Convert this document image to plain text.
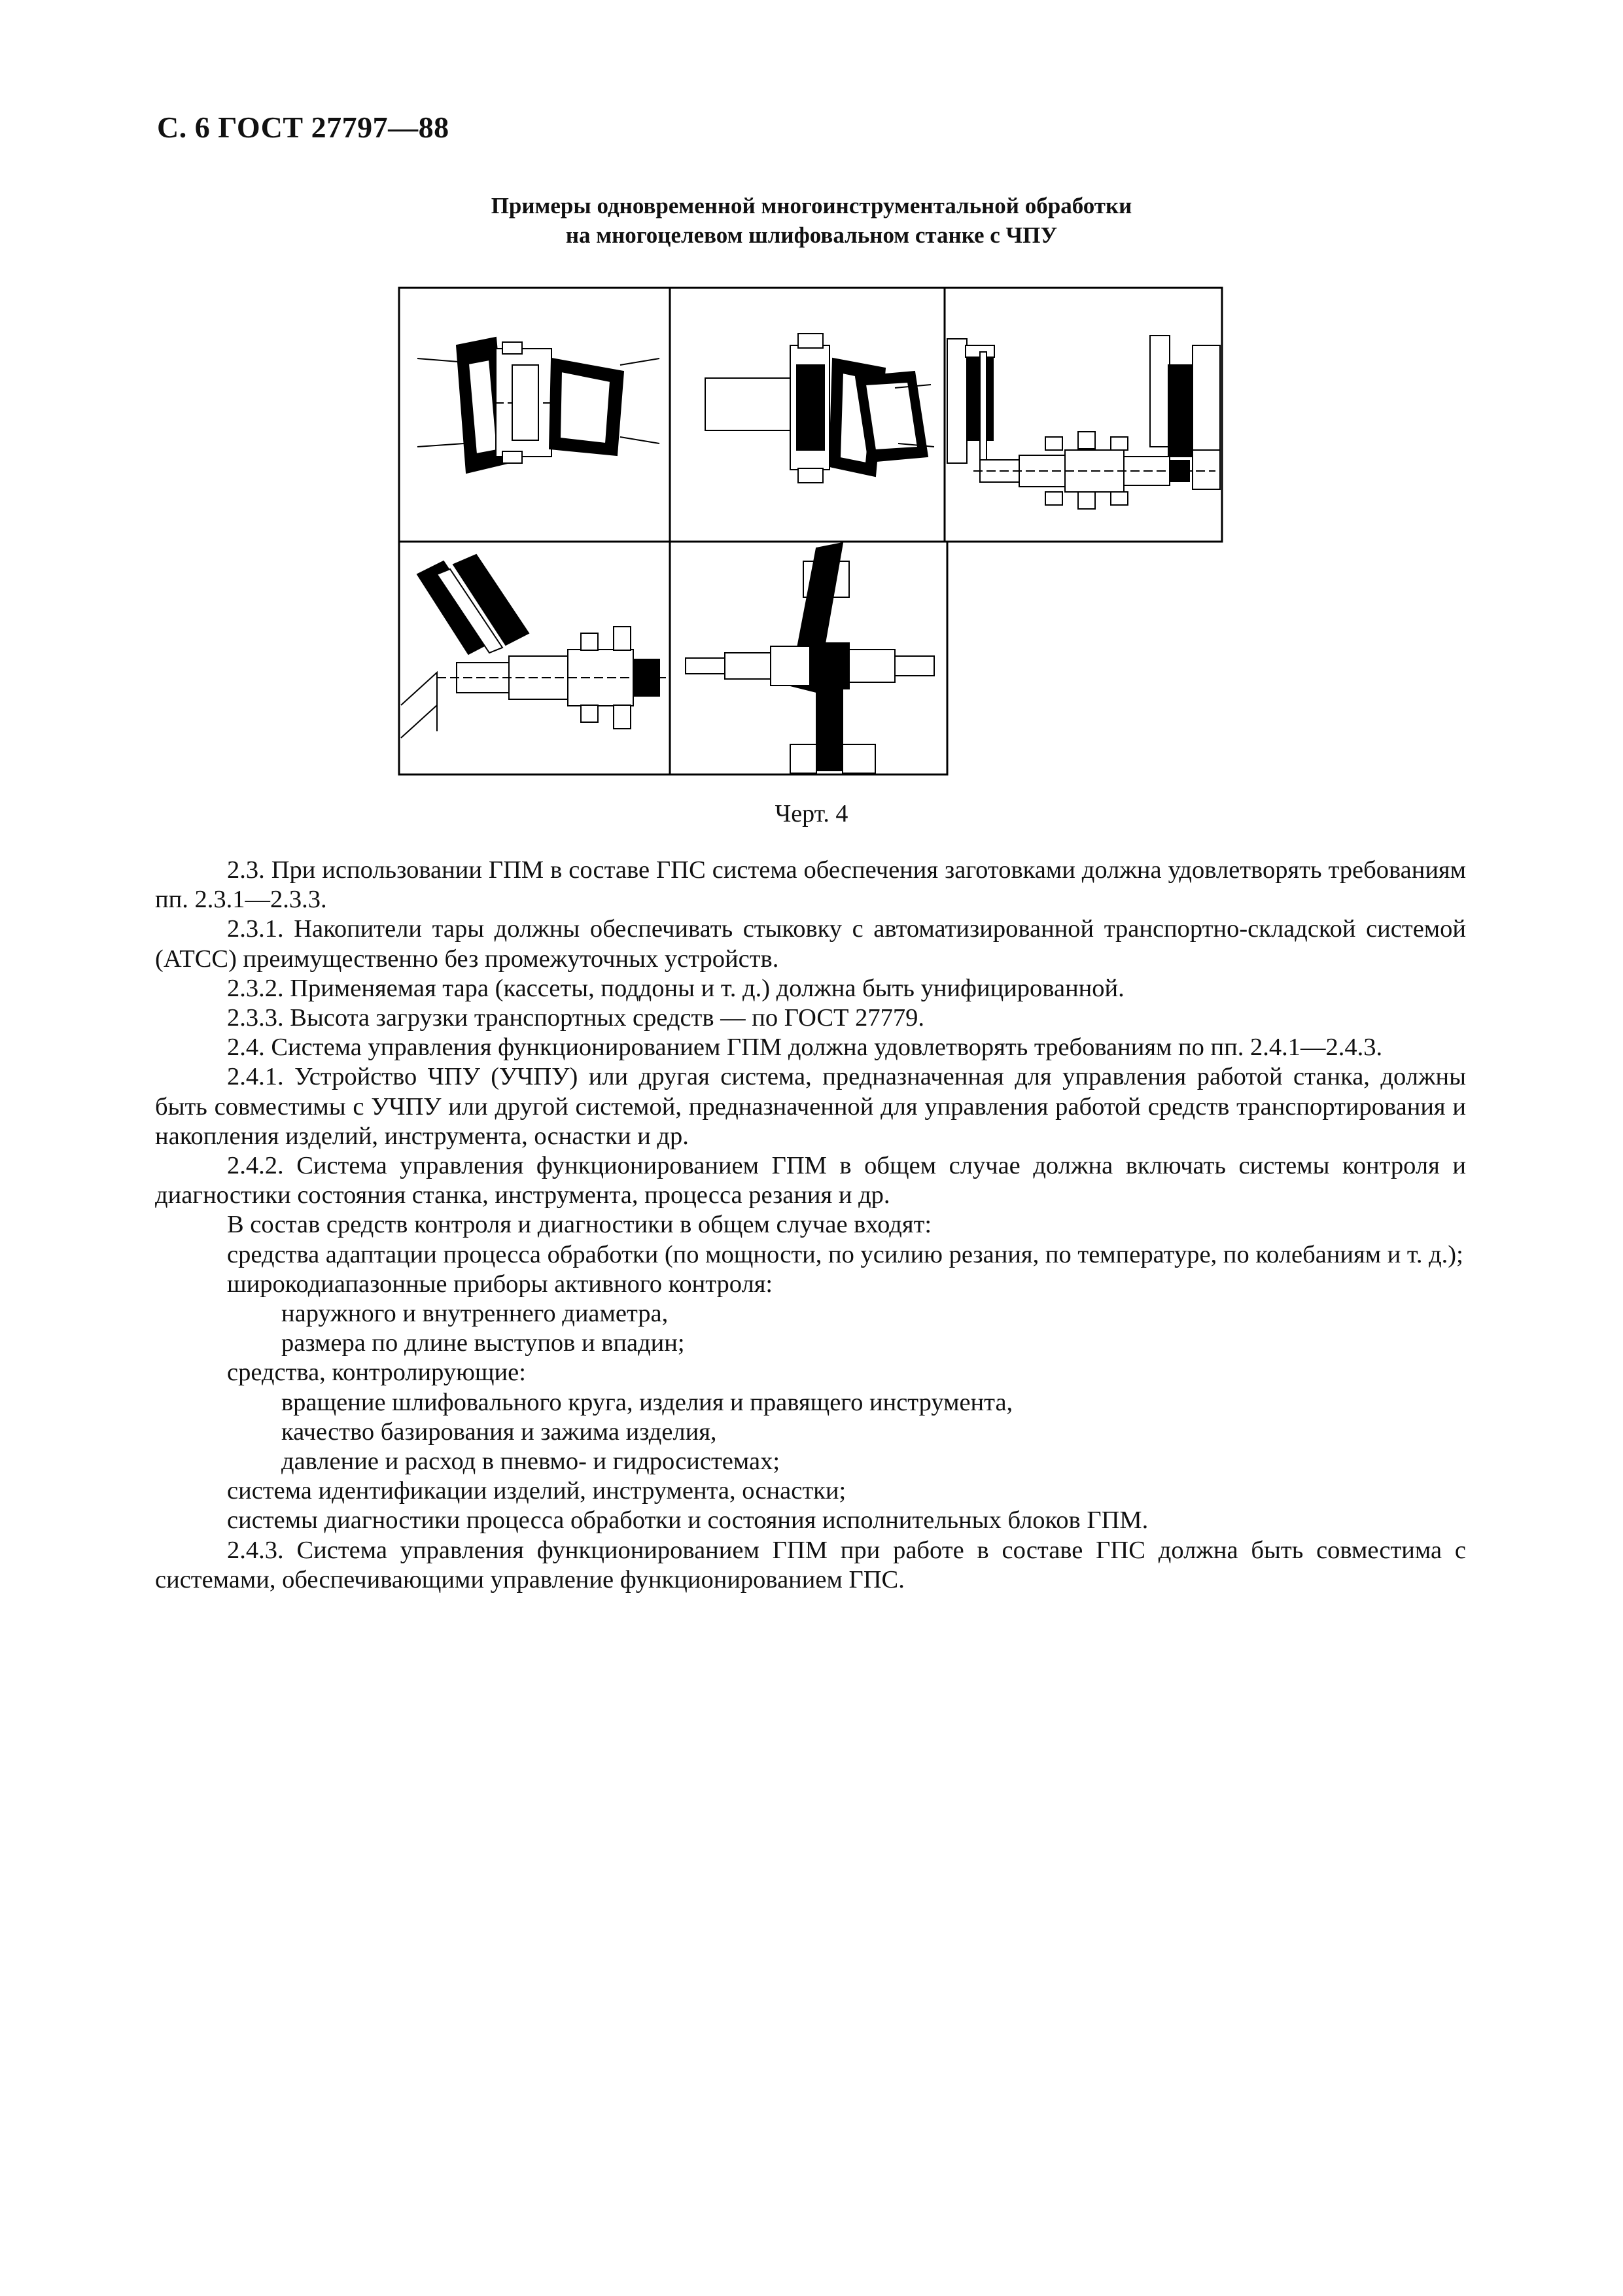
С. 6 ГОСТ 27797—88
Примеры одновременной многоинструментальной обработки
на многоцелевом шлифовальном станке с ЧПУ
Черт. 4

2.3. При использовании ГПМ в составе ГПС система обеспечения заготовками должна удовлетворять требованиям пп. 2.3.1—2.3.3.

2.3.1. Накопители тары должны обеспечивать стыковку с автоматизированной транспортно-складской системой (АТСС) преимущественно без промежуточных устройств.

2.3.2. Применяемая тара (кассеты, поддоны и т. д.) должна быть унифицированной.

2.3.3. Высота загрузки транспортных средств — по ГОСТ 27779.

2.4. Система управления функционированием ГПМ должна удовлетворять требованиям по пп. 2.4.1—2.4.3.

2.4.1. Устройство ЧПУ (УЧПУ) или другая система, предназначенная для управления работой станка, должны быть совместимы с УЧПУ или другой системой, предназначенной для управления работой средств транспортирования и накопления изделий, инструмента, оснастки и др.

2.4.2. Система управления функционированием ГПМ в общем случае должна включать системы контроля и диагностики состояния станка, инструмента, процесса резания и др.

В состав средств контроля и диагностики в общем случае входят:

средства адаптации процесса обработки (по мощности, по усилию резания, по температуре, по колебаниям и т. д.);

широкодиапазонные приборы активного контроля:

наружного и внутреннего диаметра,

размера по длине выступов и впадин;

средства, контролирующие:

вращение шлифовального круга, изделия и правящего инструмента,

качество базирования и зажима изделия,

давление и расход в пневмо- и гидросистемах;

система идентификации изделий, инструмента, оснастки;

системы диагностики процесса обработки и состояния исполнительных блоков ГПМ.

2.4.3. Система управления функционированием ГПМ при работе в составе ГПС должна быть совместима с системами, обеспечивающими управление функционированием ГПС.
